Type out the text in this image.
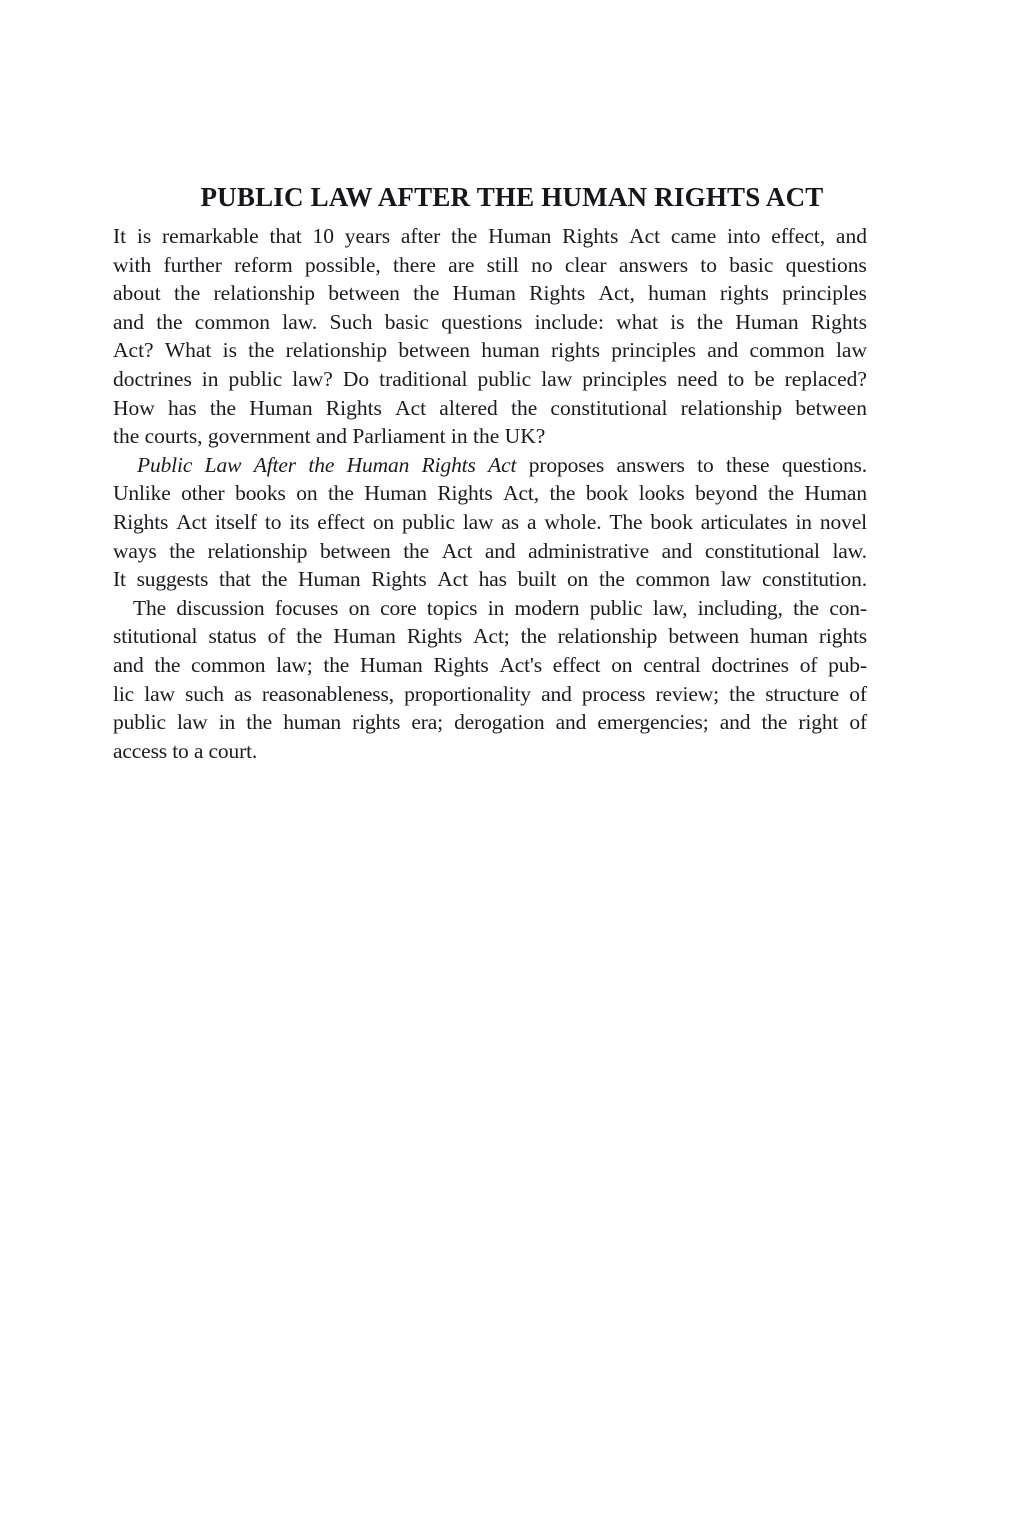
PUBLIC LAW AFTER THE HUMAN RIGHTS ACT

It is remarkable that 10 years after the Human Rights Act came into effect, and
with further reform possible, there are still no clear answers to basic questions
about the relationship between the Human Rights Act, human rights principles
and the common law. Such basic questions include: what is the Human Rights
Act? What is the relationship between human rights principles and common law
doctrines in public law? Do traditional public law principles need to be replaced?
How has the Human Rights Act altered the constitutional relationship between
the courts, government and Parliament in the UK?

Public Law After the Human Rights Act proposes answers to these questions.
Unlike other books on the Human Rights Act, the book looks beyond the Human
Rights Act itself to its effect on public law as a whole. The book articulates in novel
ways the relationship between the Act and administrative and constitutional law.
It suggests that the Human Rights Act has built on the common law constitution.

The discussion focuses on core topics in modern public law, including, the con-
stitutional status of the Human Rights Act; the relationship between human rights
and the common law; the Human Rights Act's effect on central doctrines of pub-
lic law such as reasonableness, proportionality and process review; the structure of
public law in the human rights era; derogation and emergencies; and the right of
access to a court.
